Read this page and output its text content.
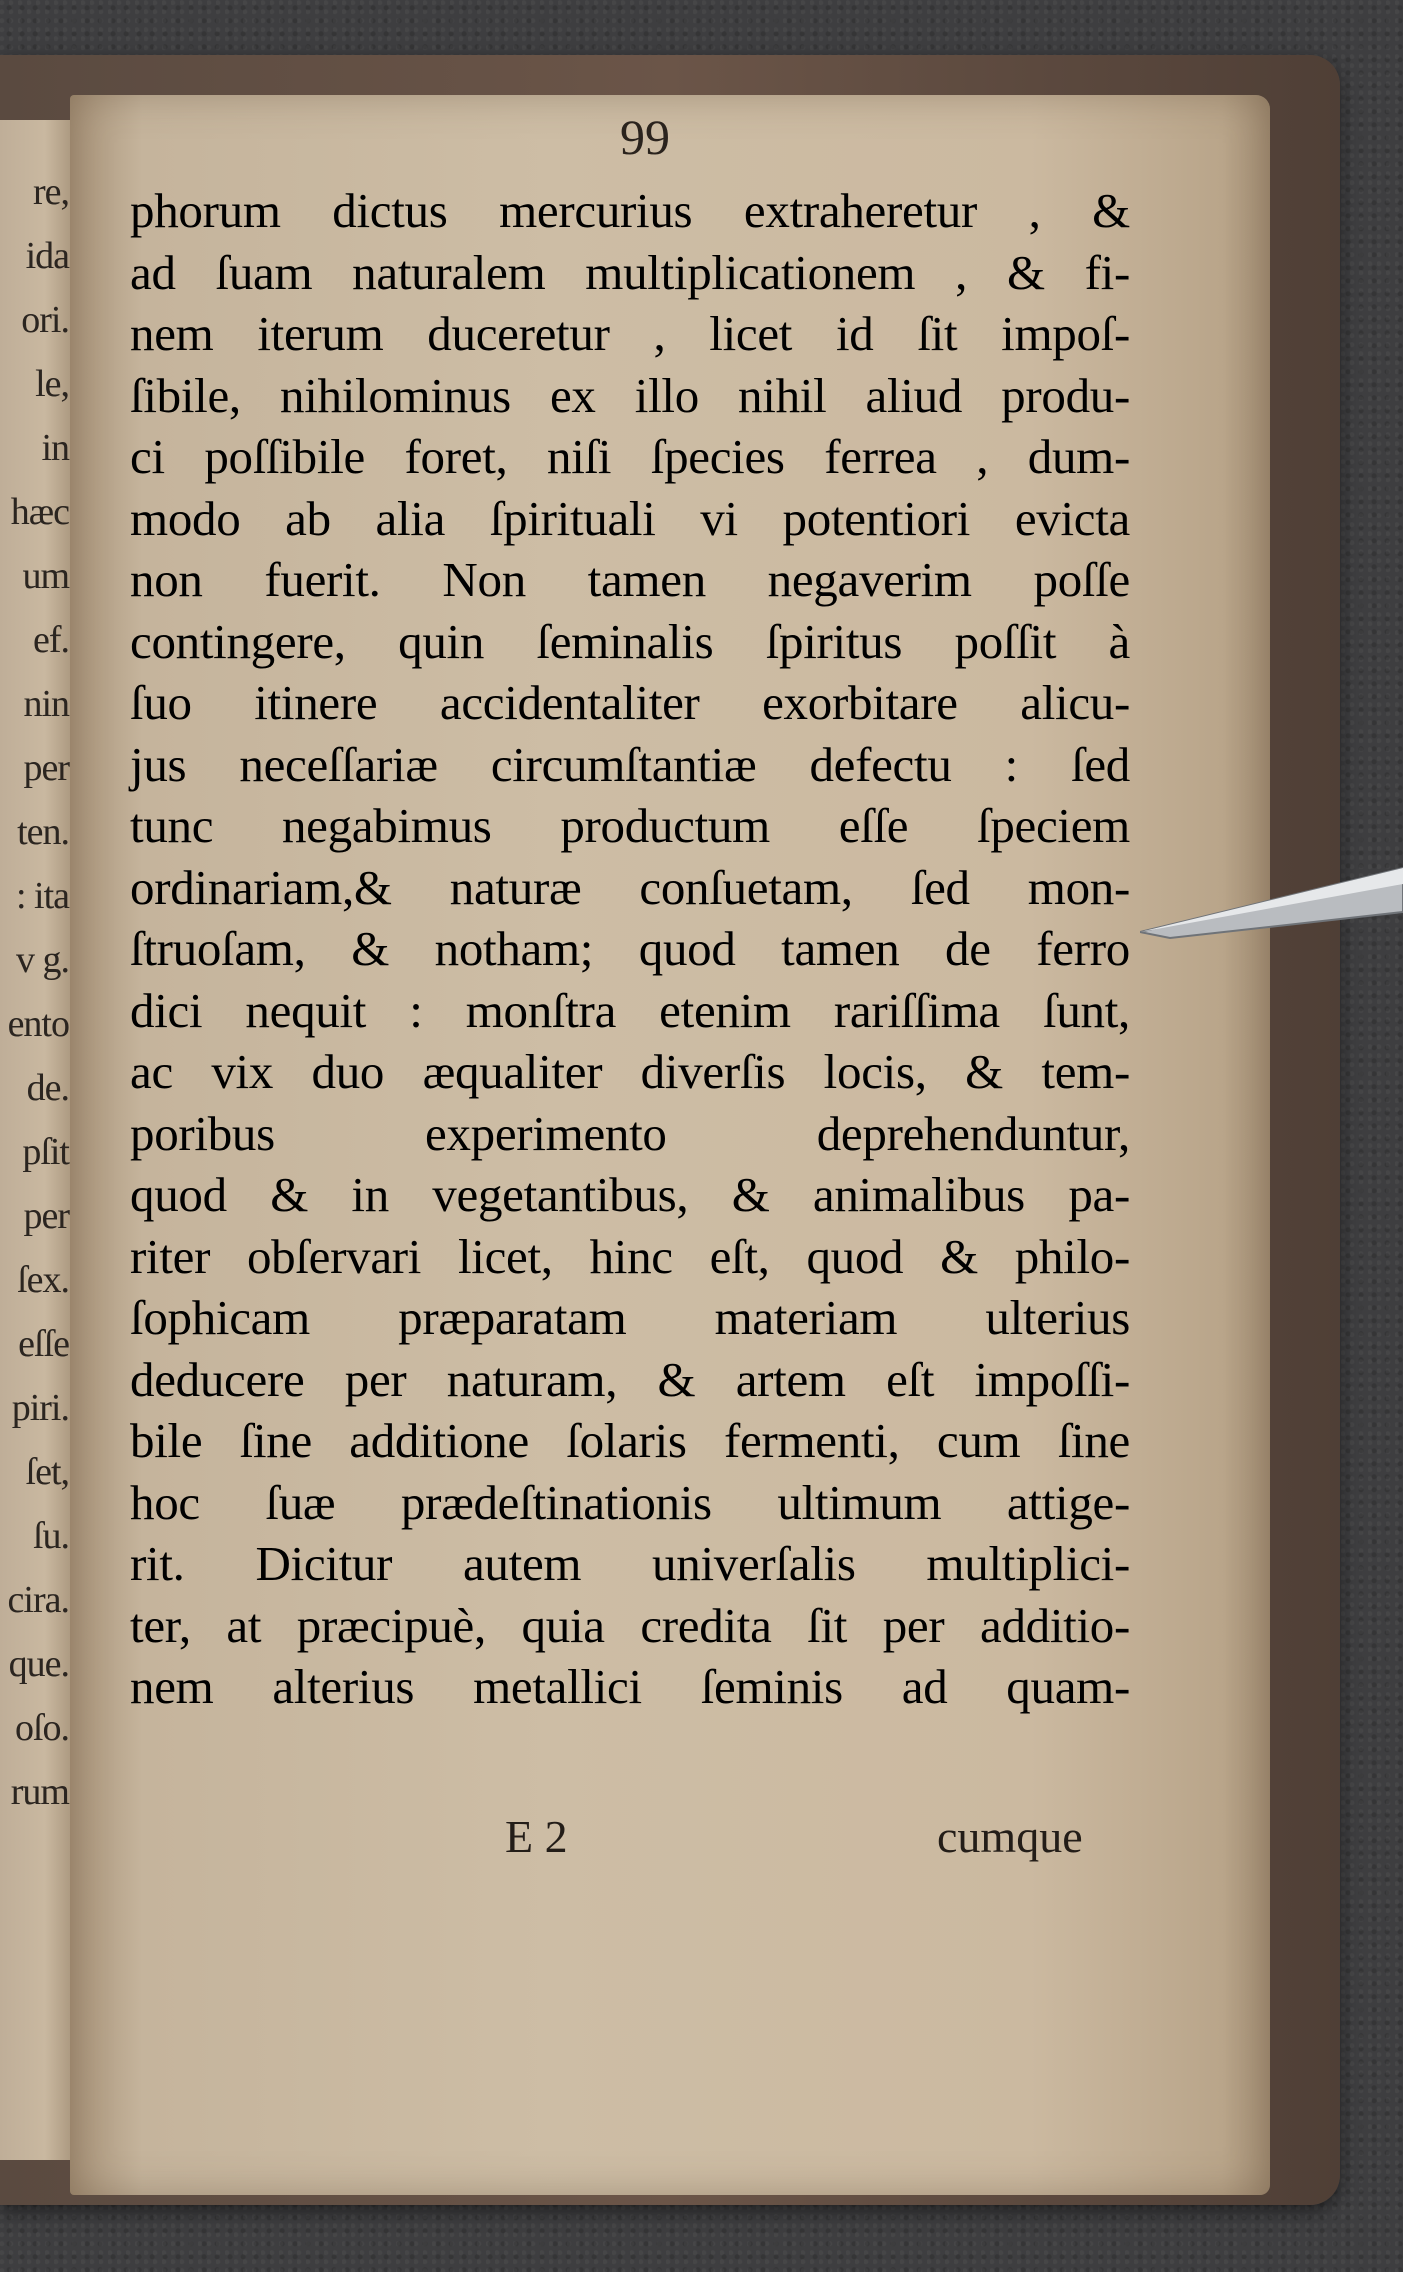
re,
ida
ori.
le,
in
hæc
um
ef.
nin
per
ten.
: ita
v g.
ento
de.
pſit
per
ſex.
eſſe
piri.
ſet,
ſu.
cira.
que.
oſo.
rum
99
phorum dictus mercurius extraheretur , &
ad ſuam naturalem multiplicationem , & fi-
nem iterum duceretur , licet id ſit impoſ-
ſibile, nihilominus ex illo nihil aliud produ-
ci poſſibile foret, niſi ſpecies ferrea , dum-
modo ab alia ſpirituali vi potentiori evicta
non fuerit. Non tamen negaverim poſſe
contingere, quin ſeminalis ſpiritus poſſit à
ſuo itinere accidentaliter exorbitare alicu-
jus neceſſariæ circumſtantiæ defectu : ſed
tunc negabimus productum eſſe ſpeciem
ordinariam,& naturæ conſuetam, ſed mon-
ſtruoſam, & notham; quod tamen de ferro
dici nequit : monſtra etenim rariſſima ſunt,
ac vix duo æqualiter diverſis locis, & tem-
poribus experimento deprehenduntur,
quod & in vegetantibus, & animalibus pa-
riter obſervari licet, hinc eſt, quod & philo-
ſophicam præparatam materiam ulterius
deducere per naturam, & artem eſt impoſſi-
bile ſine additione ſolaris fermenti, cum ſine
hoc ſuæ prædeſtinationis ultimum attige-
rit. Dicitur autem univerſalis multiplici-
ter, at præcipuè, quia credita ſit per additio-
nem alterius metallici ſeminis ad quam-
E 2	cumque
